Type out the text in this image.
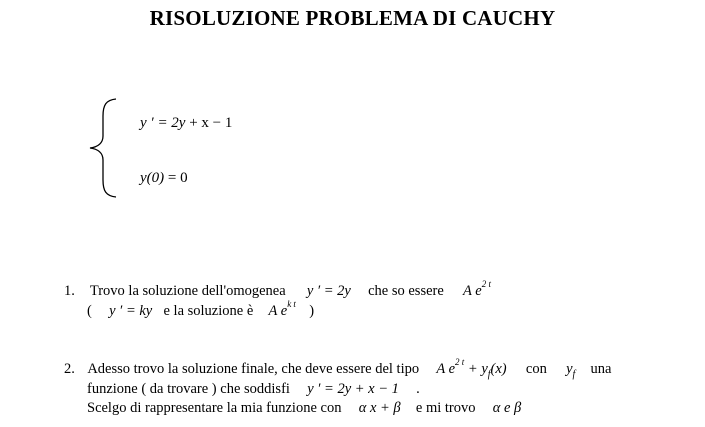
RISOLUZIONE PROBLEMA DI CAUCHY
y ′ = 2y + x − 1
y(0) = 0
1. Trovo la soluzione dell'omogenea y ′ = 2y che so essere A $e^{2 t}$
( y ′ = ky e la soluzione è A $e^{k t}$ )
2. Adesso trovo la soluzione finale, che deve essere del tipo A $e^{2 t} + y_f(x)$ con $y_f$ una
funzione ( da trovare ) che soddisfi y ′ = 2y + x − 1 .
Scelgo di rappresentare la mia funzione con α x + β e mi trovo α e β
